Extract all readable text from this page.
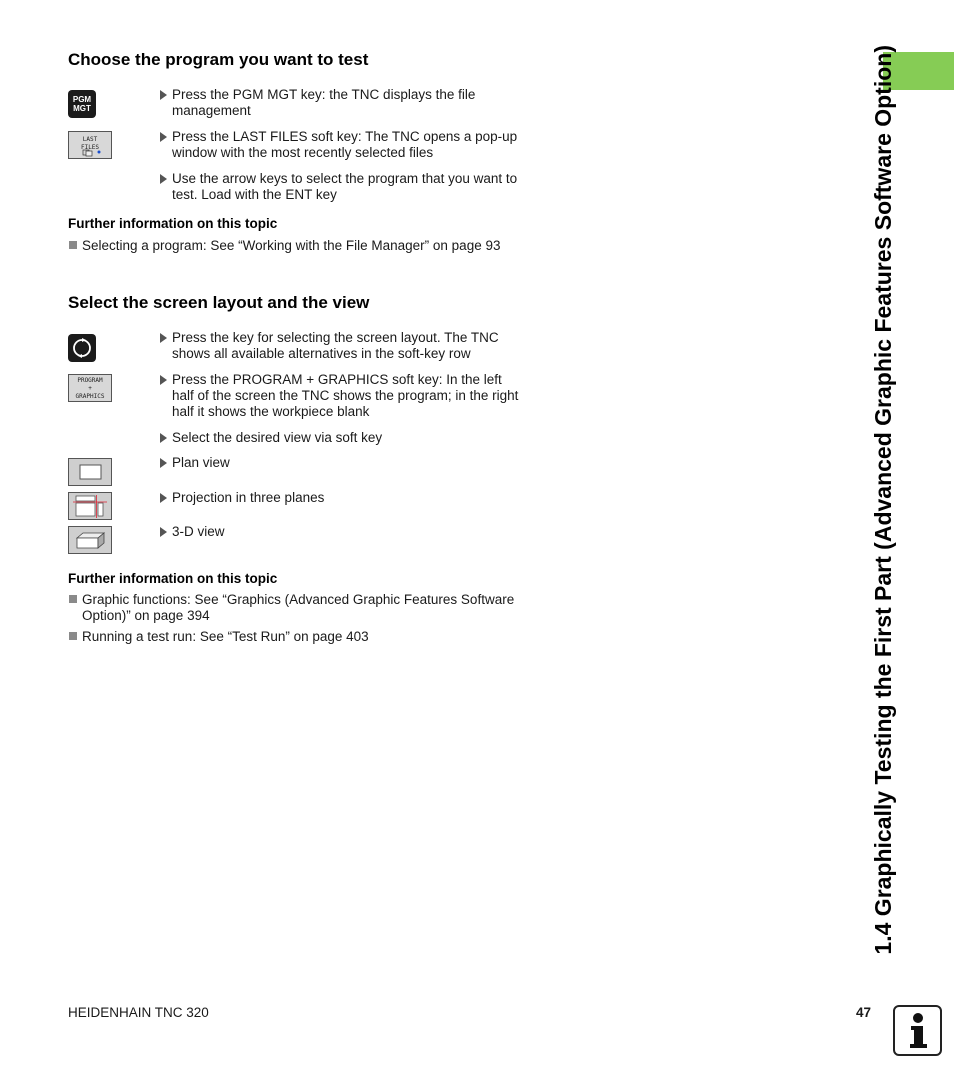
1.4 Graphically Testing the First Part (Advanced Graphic Features Software Option)
Choose the program you want to test
PGM
MGT
Press the PGM MGT key: the TNC displays the file management
LAST
FILES
Press the LAST FILES soft key: The TNC opens a pop-up window with the most recently selected files
Use the arrow keys to select the program that you want to test. Load with the ENT key
Further information on this topic
Selecting a program: See “Working with the File Manager” on page 93
Select the screen layout and the view
Press the key for selecting the screen layout. The TNC shows all available alternatives in the soft-key row
PROGRAM
+
GRAPHICS
Press the PROGRAM + GRAPHICS soft key: In the left half of the screen the TNC shows the program; in the right half it shows the workpiece blank
Select the desired view via soft key
Plan view
Projection in three planes
3-D view
Further information on this topic
Graphic functions: See “Graphics (Advanced Graphic Features Software Option)” on page 394
Running a test run: See “Test Run” on page 403
HEIDENHAIN TNC 320	47
